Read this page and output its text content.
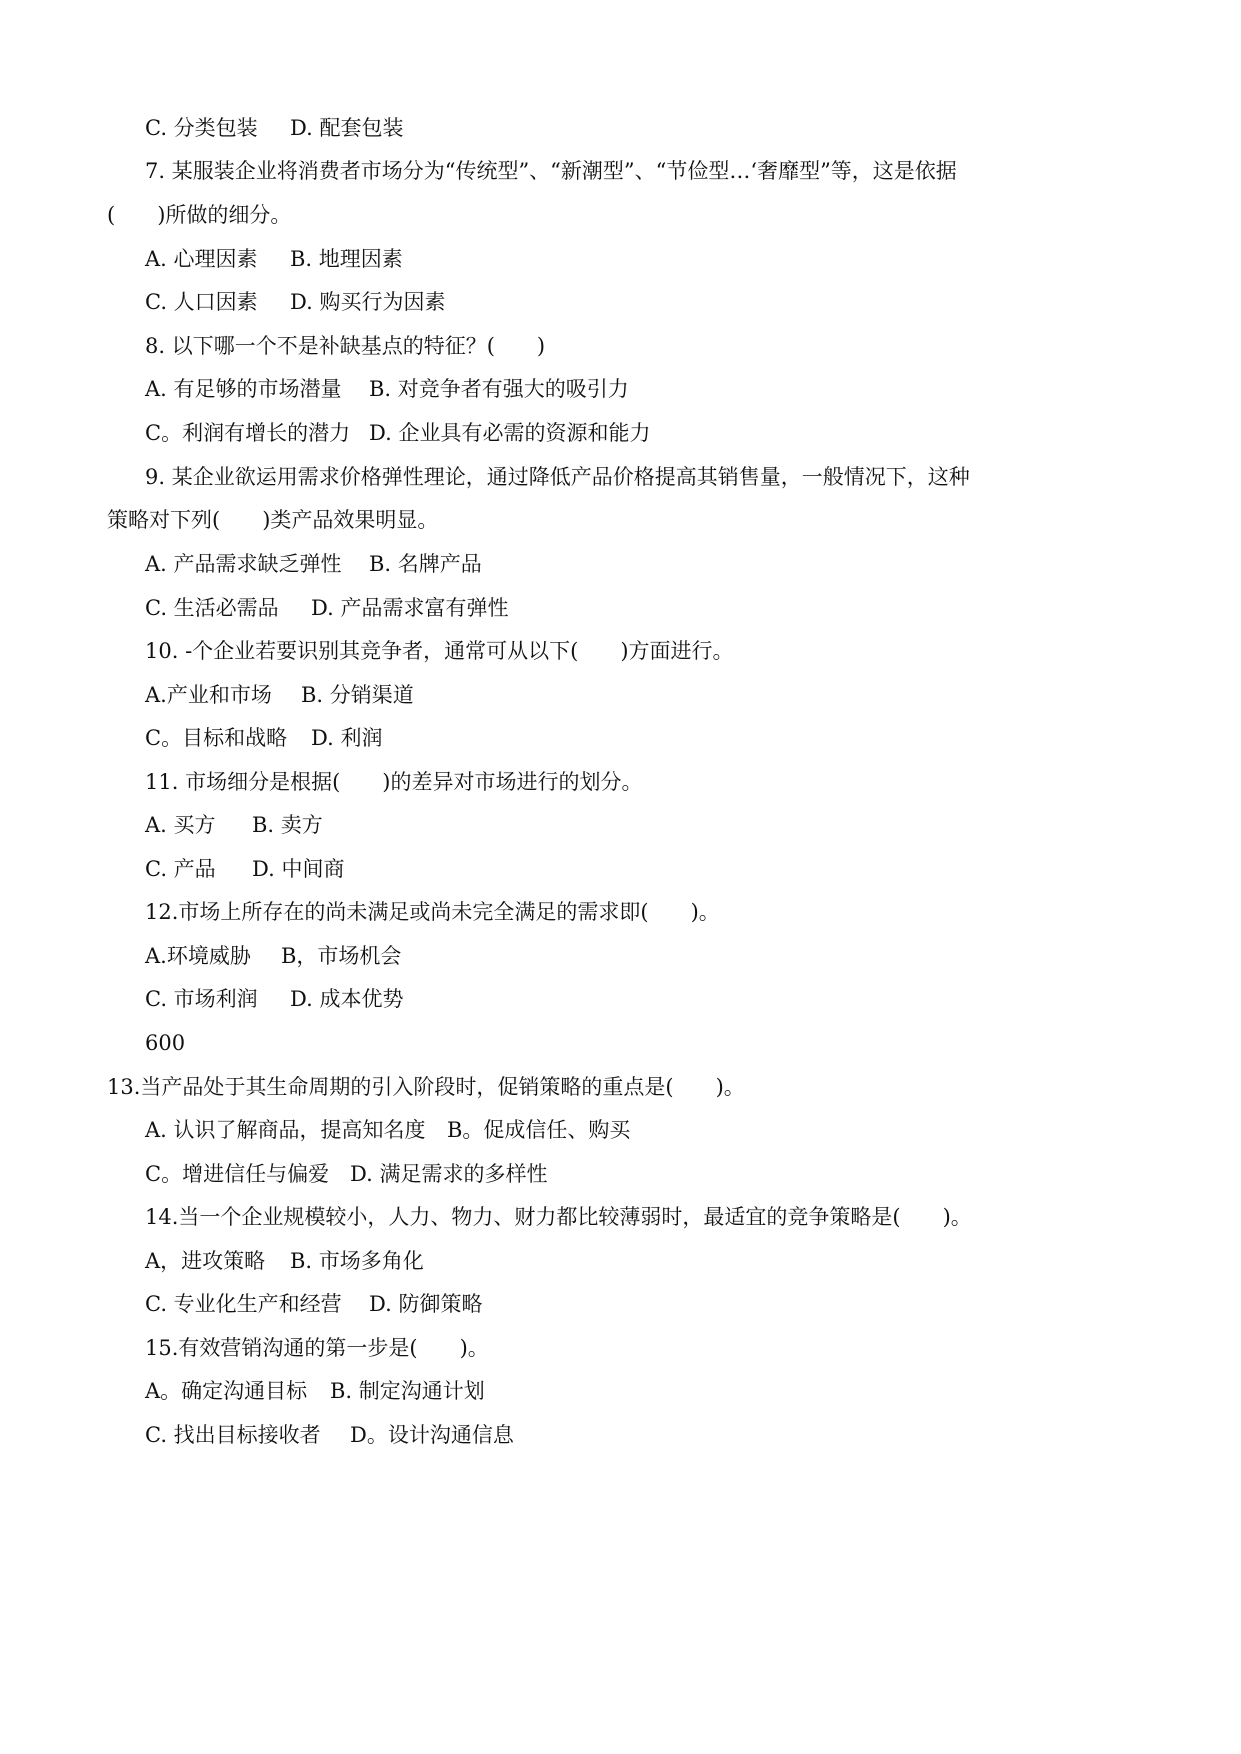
C. 分类包装 D. 配套包装
7. 某服装企业将消费者市场分为“传统型”、“新潮型”、“节俭型…‘奢靡型”等，这是依据
(　　)所做的细分。
A. 心理因素 B. 地理因素
C. 人口因素 D. 购买行为因素
8. 以下哪一个不是补缺基点的特征？(　　)
A. 有足够的市场潜量 B. 对竞争者有强大的吸引力
C。利润有增长的潜力 D. 企业具有必需的资源和能力
9. 某企业欲运用需求价格弹性理论，通过降低产品价格提高其销售量，一般情况下，这种
策略对下列(　　)类产品效果明显。
A. 产品需求缺乏弹性 B. 名牌产品
C. 生活必需品 D. 产品需求富有弹性
10. -个企业若要识别其竞争者，通常可从以下(　　)方面进行。
A.产业和市场 B. 分销渠道
C。目标和战略 D. 利润
11. 市场细分是根据(　　)的差异对市场进行的划分。
A. 买方 B. 卖方
C. 产品 D. 中间商
12.市场上所存在的尚未满足或尚未完全满足的需求即(　　)。
A.环境威胁 B，市场机会
C. 市场利润 D. 成本优势
600
13.当产品处于其生命周期的引入阶段时，促销策略的重点是(　　)。
A. 认识了解商品，提高知名度 B。促成信任、购买
C。增进信任与偏爱 D. 满足需求的多样性
14.当一个企业规模较小，人力、物力、财力都比较薄弱时，最适宜的竞争策略是(　　)。
A，进攻策略 B. 市场多角化
C. 专业化生产和经营 D. 防御策略
15.有效营销沟通的第一步是(　　)。
A。确定沟通目标 B. 制定沟通计划
C. 找出目标接收者 D。设计沟通信息
